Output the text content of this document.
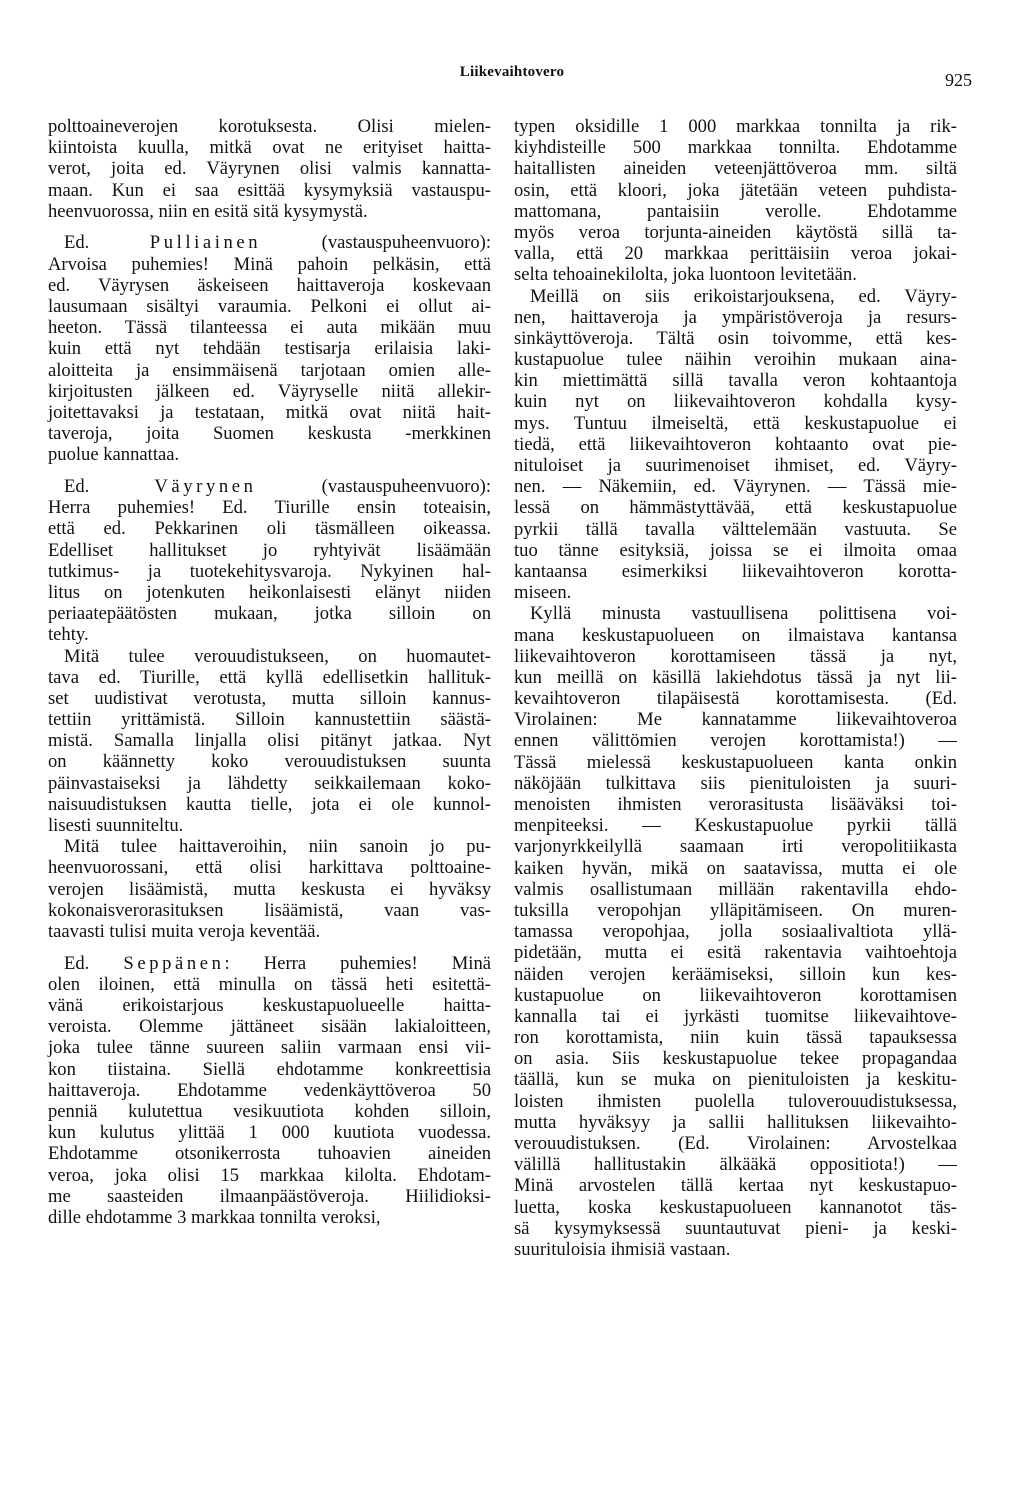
Liikevaihtovero	925
polttoaineverojen korotuksesta. Olisi mielen-
kiintoista kuulla, mitkä ovat ne erityiset haitta-
verot, joita ed. Väyrynen olisi valmis kannatta-
maan. Kun ei saa esittää kysymyksiä vastauspu-
heenvuorossa, niin en esitä sitä kysymystä.
Ed. Pulliainen (vastauspuheenvuoro):
Arvoisa puhemies! Minä pahoin pelkäsin, että
ed. Väyrysen äskeiseen haittaveroja koskevaan
lausumaan sisältyi varaumia. Pelkoni ei ollut ai-
heeton. Tässä tilanteessa ei auta mikään muu
kuin että nyt tehdään testisarja erilaisia laki-
aloitteita ja ensimmäisenä tarjotaan omien alle-
kirjoitusten jälkeen ed. Väyryselle niitä allekir-
joitettavaksi ja testataan, mitkä ovat niitä hait-
taveroja, joita Suomen keskusta -merkkinen
puolue kannattaa.
Ed. Väyrynen (vastauspuheenvuoro):
Herra puhemies! Ed. Tiurille ensin toteaisin,
että ed. Pekkarinen oli täsmälleen oikeassa.
Edelliset hallitukset jo ryhtyivät lisäämään
tutkimus- ja tuotekehitysvaroja. Nykyinen hal-
litus on jotenkuten heikonlaisesti elänyt niiden
periaatepäätösten mukaan, jotka silloin on
tehty.
Mitä tulee verouudistukseen, on huomautet-
tava ed. Tiurille, että kyllä edellisetkin hallituk-
set uudistivat verotusta, mutta silloin kannus-
tettiin yrittämistä. Silloin kannustettiin säästä-
mistä. Samalla linjalla olisi pitänyt jatkaa. Nyt
on käännetty koko verouudistuksen suunta
päinvastaiseksi ja lähdetty seikkailemaan koko-
naisuudistuksen kautta tielle, jota ei ole kunnol-
lisesti suunniteltu.
Mitä tulee haittaveroihin, niin sanoin jo pu-
heenvuorossani, että olisi harkittava polttoaine-
verojen lisäämistä, mutta keskusta ei hyväksy
kokonaisverorasituksen lisäämistä, vaan vas-
taavasti tulisi muita veroja keventää.
Ed. Seppänen: Herra puhemies! Minä
olen iloinen, että minulla on tässä heti esitettä-
vänä erikoistarjous keskustapuolueelle haitta-
veroista. Olemme jättäneet sisään lakialoitteen,
joka tulee tänne suureen saliin varmaan ensi vii-
kon tiistaina. Siellä ehdotamme konkreettisia
haittaveroja. Ehdotamme vedenkäyttöveroa 50
penniä kulutettua vesikuutiota kohden silloin,
kun kulutus ylittää 1 000 kuutiota vuodessa.
Ehdotamme otsonikerrosta tuhoavien aineiden
veroa, joka olisi 15 markkaa kilolta. Ehdotam-
me saasteiden ilmaanpäästöveroja. Hiilidioksi-
dille ehdotamme 3 markkaa tonnilta veroksi,
typen oksidille 1 000 markkaa tonnilta ja rik-
kiyhdisteille 500 markkaa tonnilta. Ehdotamme
haitallisten aineiden veteenjättöveroa mm. siltä
osin, että kloori, joka jätetään veteen puhdista-
mattomana, pantaisiin verolle. Ehdotamme
myös veroa torjunta-aineiden käytöstä sillä ta-
valla, että 20 markkaa perittäisiin veroa jokai-
selta tehoainekilolta, joka luontoon levitetään.
Meillä on siis erikoistarjouksena, ed. Väyry-
nen, haittaveroja ja ympäristöveroja ja resurs-
sinkäyttöveroja. Tältä osin toivomme, että kes-
kustapuolue tulee näihin veroihin mukaan aina-
kin miettimättä sillä tavalla veron kohtaantoja
kuin nyt on liikevaihtoveron kohdalla kysy-
mys. Tuntuu ilmeiseltä, että keskustapuolue ei
tiedä, että liikevaihtoveron kohtaanto ovat pie-
nituloiset ja suurimenoiset ihmiset, ed. Väyry-
nen. — Näkemiin, ed. Väyrynen. — Tässä mie-
lessä on hämmästyttävää, että keskustapuolue
pyrkii tällä tavalla välttelemään vastuuta. Se
tuo tänne esityksiä, joissa se ei ilmoita omaa
kantaansa esimerkiksi liikevaihtoveron korotta-
miseen.
Kyllä minusta vastuullisena polittisena voi-
mana keskustapuolueen on ilmaistava kantansa
liikevaihtoveron korottamiseen tässä ja nyt,
kun meillä on käsillä lakiehdotus tässä ja nyt lii-
kevaihtoveron tilapäisestä korottamisesta. (Ed.
Virolainen: Me kannatamme liikevaihtoveroa
ennen välittömien verojen korottamista!) —
Tässä mielessä keskustapuolueen kanta onkin
näköjään tulkittava siis pienituloisten ja suuri-
menoisten ihmisten verorasitusta lisääväksi toi-
menpiteeksi. — Keskustapuolue pyrkii tällä
varjonyrkkeilyllä saamaan irti veropolitiikasta
kaiken hyvän, mikä on saatavissa, mutta ei ole
valmis osallistumaan millään rakentavilla ehdo-
tuksilla veropohjan ylläpitämiseen. On muren-
tamassa veropohjaa, jolla sosiaalivaltiota yllä-
pidetään, mutta ei esitä rakentavia vaihtoehtoja
näiden verojen keräämiseksi, silloin kun kes-
kustapuolue on liikevaihtoveron korottamisen
kannalla tai ei jyrkästi tuomitse liikevaihtove-
ron korottamista, niin kuin tässä tapauksessa
on asia. Siis keskustapuolue tekee propagandaa
täällä, kun se muka on pienituloisten ja keskitu-
loisten ihmisten puolella tuloverouudistuksessa,
mutta hyväksyy ja sallii hallituksen liikevaihto-
verouudistuksen. (Ed. Virolainen: Arvostelkaa
välillä hallitustakin älkääkä oppositiota!) —
Minä arvostelen tällä kertaa nyt keskustapuo-
luetta, koska keskustapuolueen kannanotot täs-
sä kysymyksessä suuntautuvat pieni- ja keski-
suurituloisia ihmisiä vastaan.
